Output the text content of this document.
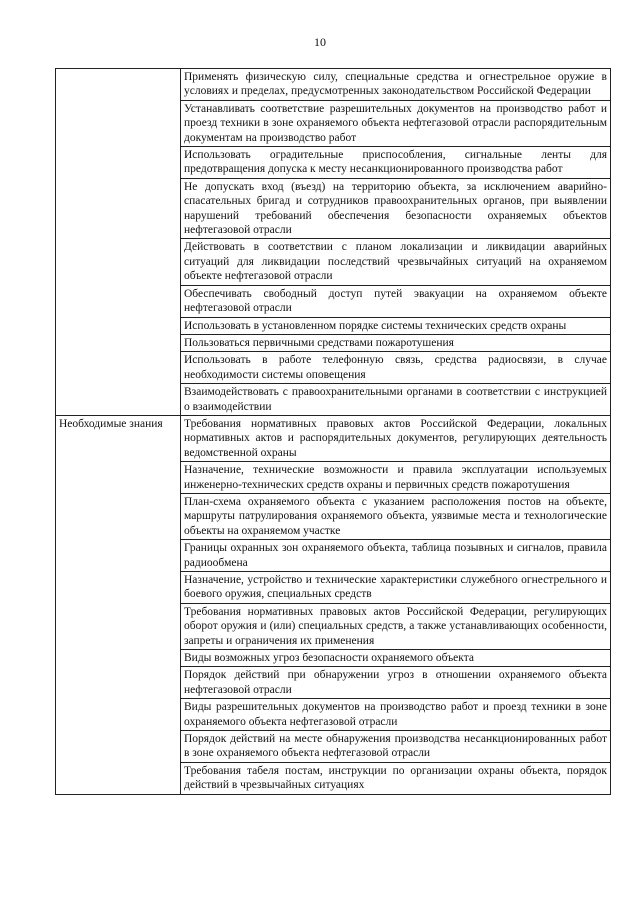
10

	Применять физическую силу, специальные средства и огнестрельное оружие в условиях и пределах, предусмотренных законодательством Российской Федерации

	Устанавливать соответствие разрешительных документов на производство работ и проезд техники в зоне охраняемого объекта нефтегазовой отрасли распорядительным документам на производство работ

	Использовать оградительные приспособления, сигнальные ленты для предотвращения допуска к месту несанкционированного производства работ

	Не допускать вход (въезд) на территорию объекта, за исключением аварийно-спасательных бригад и сотрудников правоохранительных органов, при выявлении нарушений требований обеспечения безопасности охраняемых объектов нефтегазовой отрасли

	Действовать в соответствии с планом локализации и ликвидации аварийных ситуаций для ликвидации последствий чрезвычайных ситуаций на охраняемом объекте нефтегазовой отрасли

	Обеспечивать свободный доступ путей эвакуации на охраняемом объекте нефтегазовой отрасли

	Использовать в установленном порядке системы технических средств охраны

	Пользоваться первичными средствами пожаротушения

	Использовать в работе телефонную связь, средства радиосвязи, в случае необходимости системы оповещения

	Взаимодействовать с правоохранительными органами в соответствии с инструкцией о взаимодействии

Необходимые знания	Требования нормативных правовых актов Российской Федерации, локальных нормативных актов и распорядительных документов, регулирующих деятельность ведомственной охраны

	Назначение, технические возможности и правила эксплуатации используемых инженерно-технических средств охраны и первичных средств пожаротушения

	План-схема охраняемого объекта с указанием расположения постов на объекте, маршруты патрулирования охраняемого объекта, уязвимые места и технологические объекты на охраняемом участке

	Границы охранных зон охраняемого объекта, таблица позывных и сигналов, правила радиообмена

	Назначение, устройство и технические характеристики служебного огнестрельного и боевого оружия, специальных средств

	Требования нормативных правовых актов Российской Федерации, регулирующих оборот оружия и (или) специальных средств, а также устанавливающих особенности, запреты и ограничения их применения

	Виды возможных угроз безопасности охраняемого объекта

	Порядок действий при обнаружении угроз в отношении охраняемого объекта нефтегазовой отрасли

	Виды разрешительных документов на производство работ и проезд техники в зоне охраняемого объекта нефтегазовой отрасли

	Порядок действий на месте обнаружения производства несанкционированных работ в зоне охраняемого объекта нефтегазовой отрасли

	Требования табеля постам, инструкции по организации охраны объекта, порядок действий в чрезвычайных ситуациях
